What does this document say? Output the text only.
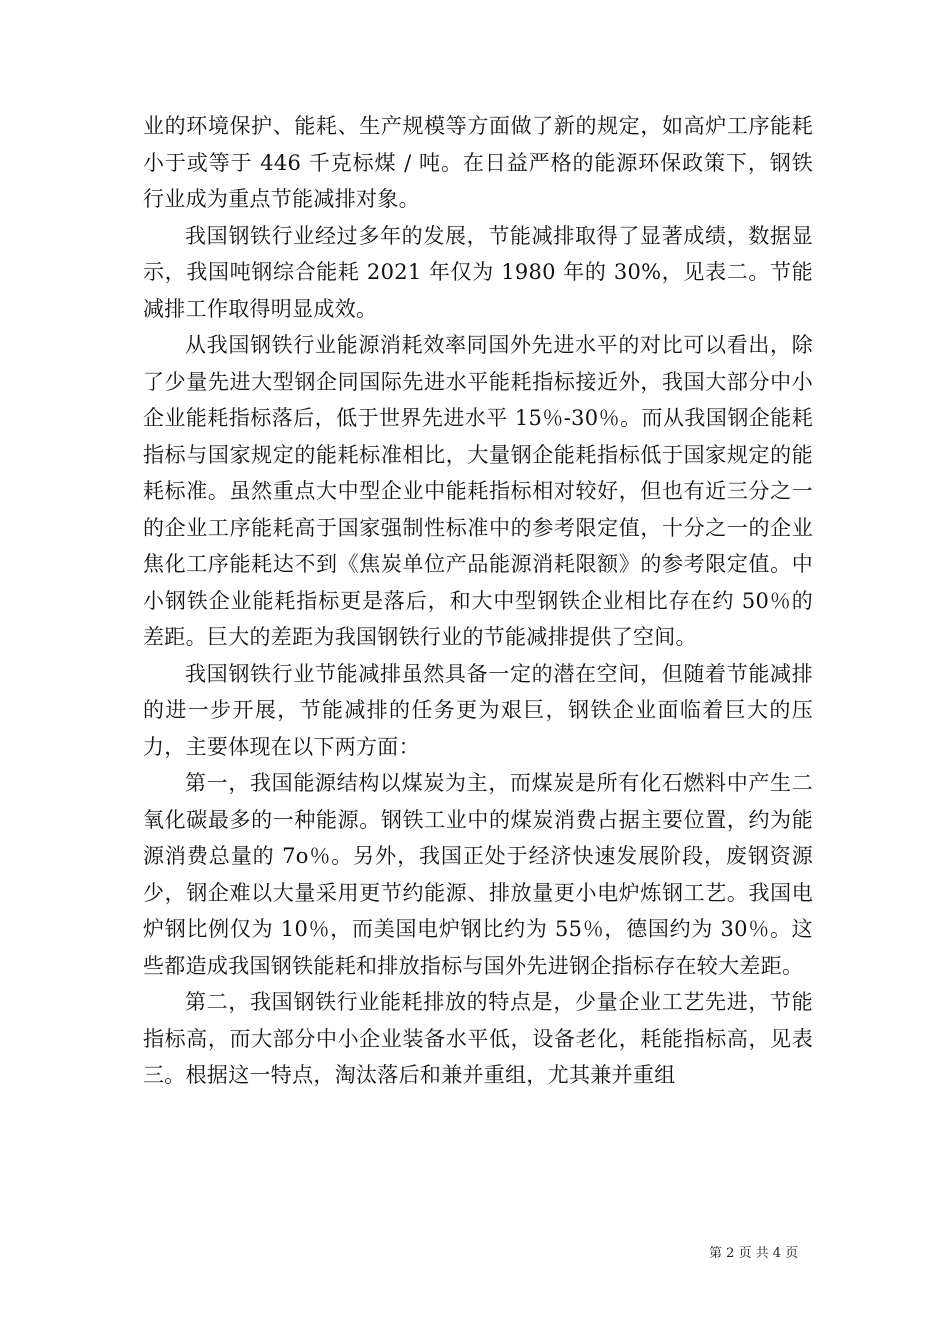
业的环境保护、能耗、生产规模等方面做了新的规定，如高炉工序能耗小于或等于 446 千克标煤 / 吨。在日益严格的能源环保政策下，钢铁行业成为重点节能减排对象。

我国钢铁行业经过多年的发展，节能减排取得了显著成绩，数据显示，我国吨钢综合能耗 2021 年仅为 1980 年的 30%，见表二。节能减排工作取得明显成效。

从我国钢铁行业能源消耗效率同国外先进水平的对比可以看出，除了少量先进大型钢企同国际先进水平能耗指标接近外，我国大部分中小企业能耗指标落后，低于世界先进水平 15％-30％。而从我国钢企能耗指标与国家规定的能耗标准相比，大量钢企能耗指标低于国家规定的能耗标准。虽然重点大中型企业中能耗指标相对较好，但也有近三分之一的企业工序能耗高于国家强制性标准中的参考限定值，十分之一的企业焦化工序能耗达不到《焦炭单位产品能源消耗限额》的参考限定值。中小钢铁企业能耗指标更是落后，和大中型钢铁企业相比存在约 50％的差距。巨大的差距为我国钢铁行业的节能减排提供了空间。

我国钢铁行业节能减排虽然具备一定的潜在空间，但随着节能减排的进一步开展，节能减排的任务更为艰巨，钢铁企业面临着巨大的压力，主要体现在以下两方面：

第一，我国能源结构以煤炭为主，而煤炭是所有化石燃料中产生二氧化碳最多的一种能源。钢铁工业中的煤炭消费占据主要位置，约为能源消费总量的 7o％。另外，我国正处于经济快速发展阶段，废钢资源少，钢企难以大量采用更节约能源、排放量更小电炉炼钢工艺。我国电炉钢比例仅为 10％，而美国电炉钢比约为 55％，德国约为 30％。这些都造成我国钢铁能耗和排放指标与国外先进钢企指标存在较大差距。

第二，我国钢铁行业能耗排放的特点是，少量企业工艺先进，节能指标高，而大部分中小企业装备水平低，设备老化，耗能指标高，见表三。根据这一特点，淘汰落后和兼并重组，尤其兼并重组

第 2 页 共 4 页
